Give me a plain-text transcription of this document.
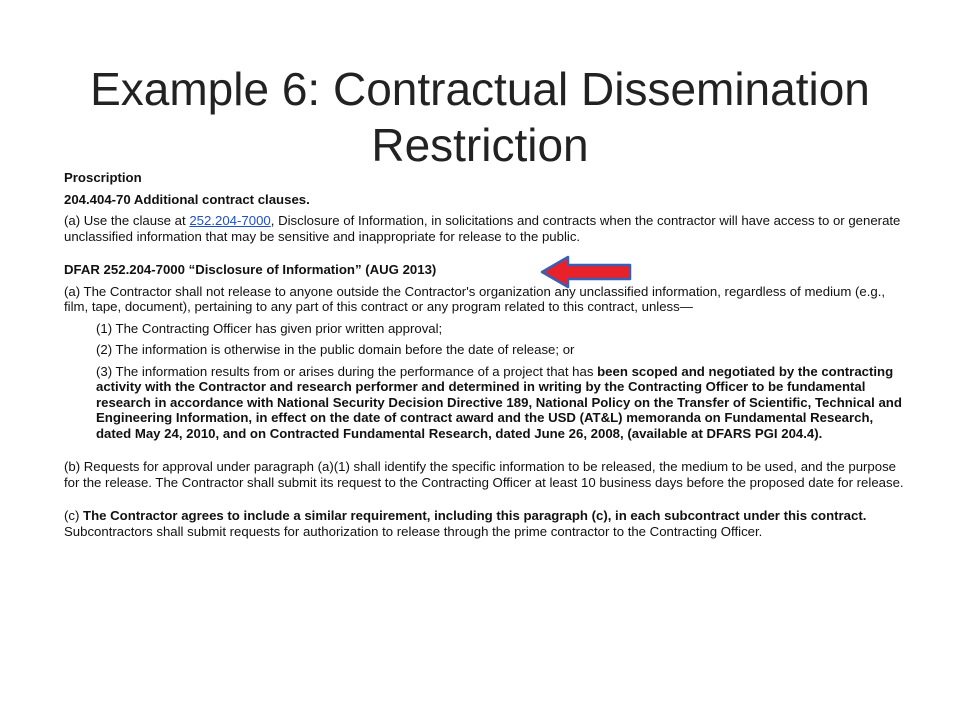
Example 6: Contractual Dissemination Restriction

Proscription

204.404-70 Additional contract clauses.

(a) Use the clause at 252.204-7000, Disclosure of Information, in solicitations and contracts when the contractor will have access to or generate unclassified information that may be sensitive and inappropriate for release to the public.

DFAR 252.204-7000 “Disclosure of Information” (AUG 2013)

(a) The Contractor shall not release to anyone outside the Contractor's organization any unclassified information, regardless of medium (e.g., film, tape, document), pertaining to any part of this contract or any program related to this contract, unless—

(1) The Contracting Officer has given prior written approval;

(2) The information is otherwise in the public domain before the date of release; or

(3) The information results from or arises during the performance of a project that has been scoped and negotiated by the contracting activity with the Contractor and research performer and determined in writing by the Contracting Officer to be fundamental research in accordance with National Security Decision Directive 189, National Policy on the Transfer of Scientific, Technical and Engineering Information, in effect on the date of contract award and the USD (AT&L) memoranda on Fundamental Research, dated May 24, 2010, and on Contracted Fundamental Research, dated June 26, 2008, (available at DFARS PGI 204.4).

(b) Requests for approval under paragraph (a)(1) shall identify the specific information to be released, the medium to be used, and the purpose for the release. The Contractor shall submit its request to the Contracting Officer at least 10 business days before the proposed date for release.

(c) The Contractor agrees to include a similar requirement, including this paragraph (c), in each subcontract under this contract. Subcontractors shall submit requests for authorization to release through the prime contractor to the Contracting Officer.
